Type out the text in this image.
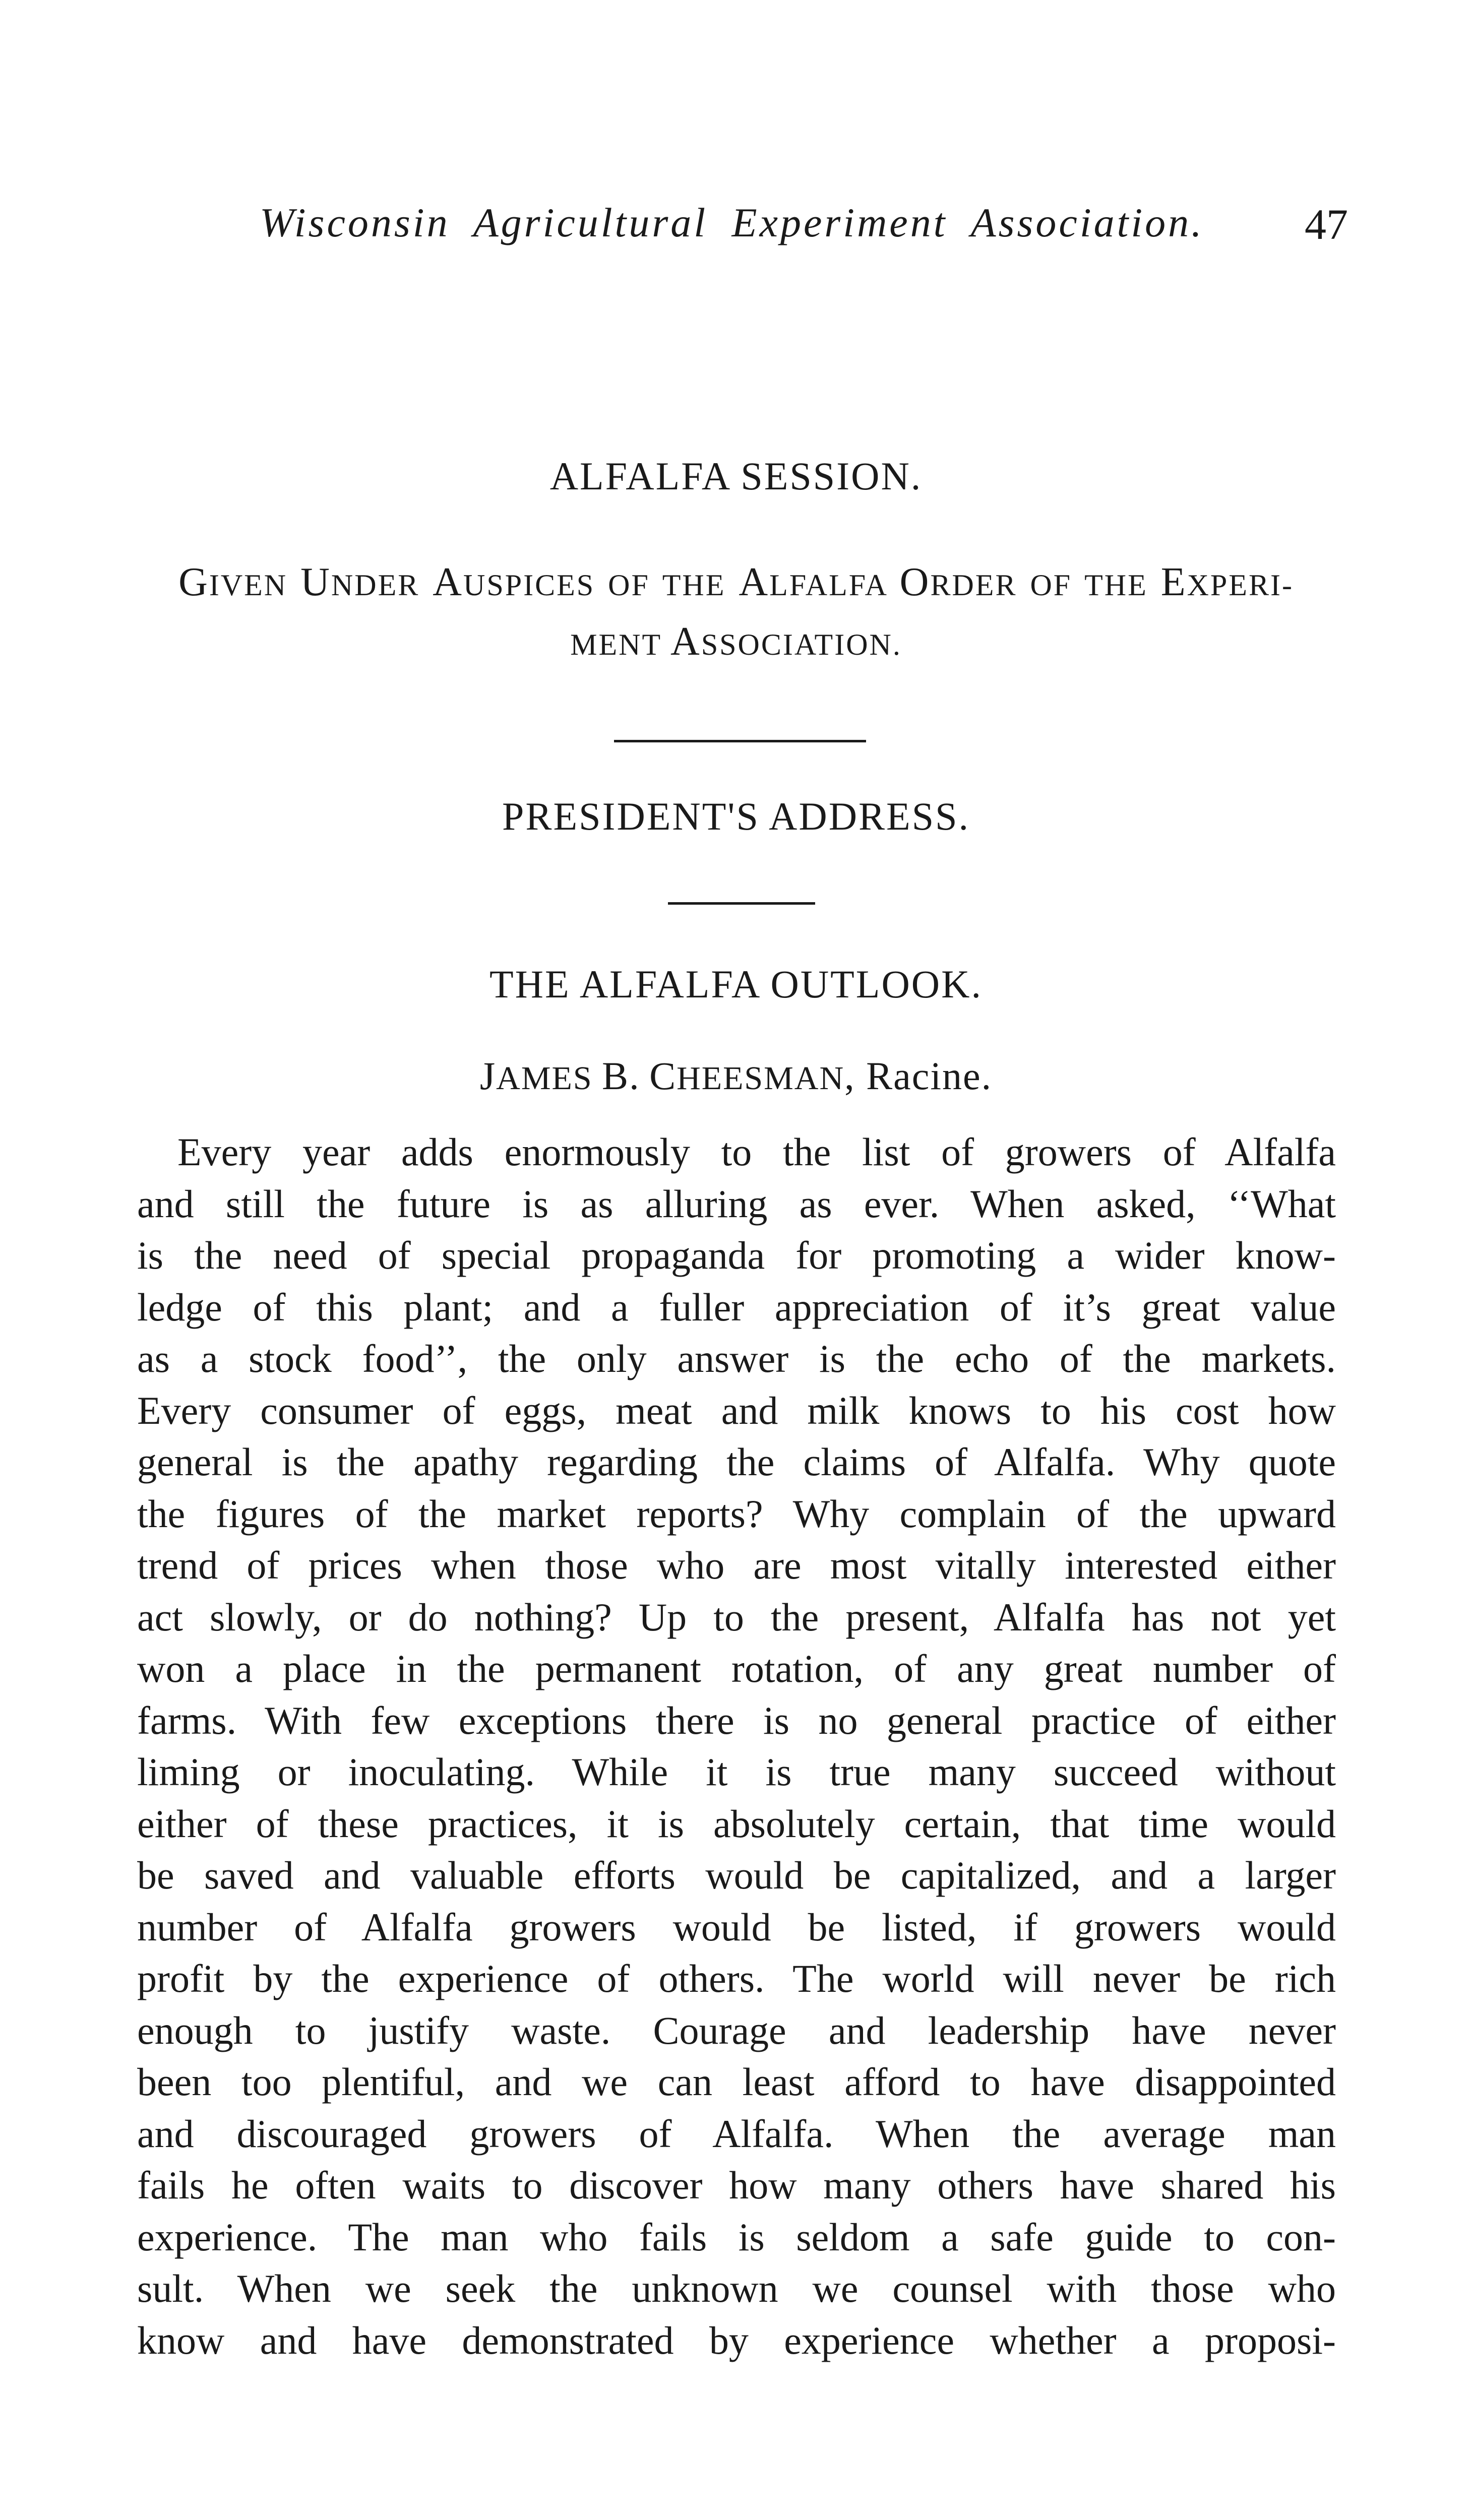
Wisconsin Agricultural Experiment Association. 47
ALFALFA SESSION.
GIVEN UNDER AUSPICES OF THE ALFALFA ORDER OF THE EXPERI-
MENT ASSOCIATION.
PRESIDENT'S ADDRESS.
THE ALFALFA OUTLOOK.
JAMES B. CHEESMAN, Racine.
Every year adds enormously to the list of growers of Alfalfa
and still the future is as alluring as ever. When asked, ‘‘What
is the need of special propaganda for promoting a wider know-
ledge of this plant; and a fuller appreciation of it’s great value
as a stock food’’, the only answer is the echo of the markets.
Every consumer of eggs, meat and milk knows to his cost how
general is the apathy regarding the claims of Alfalfa. Why quote
the figures of the market reports? Why complain of the upward
trend of prices when those who are most vitally interested either
act slowly, or do nothing? Up to the present, Alfalfa has not yet
won a place in the permanent rotation, of any great number of
farms. With few exceptions there is no general practice of either
liming or inoculating. While it is true many succeed without
either of these practices, it is absolutely certain, that time would
be saved and valuable efforts would be capitalized, and a larger
number of Alfalfa growers would be listed, if growers would
profit by the experience of others. The world will never be rich
enough to justify waste. Courage and leadership have never
been too plentiful, and we can least afford to have disappointed
and discouraged growers of Alfalfa. When the average man
fails he often waits to discover how many others have shared his
experience. The man who fails is seldom a safe guide to con-
sult. When we seek the unknown we counsel with those who
know and have demonstrated by experience whether a proposi-
